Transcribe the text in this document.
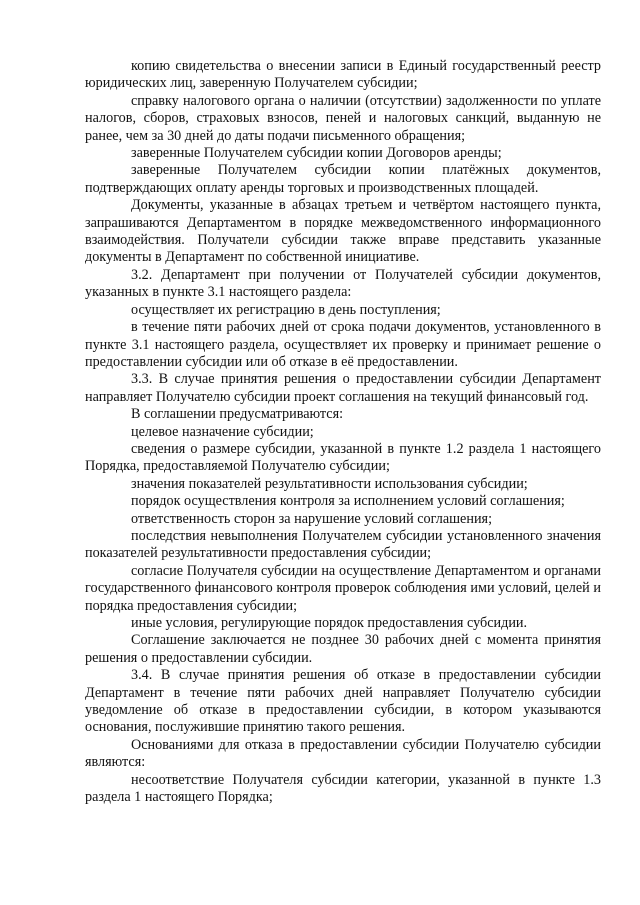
копию свидетельства о внесении записи в Единый государственный реестр юридических лиц, заверенную Получателем субсидии;

справку налогового органа о наличии (отсутствии) задолженности по уплате налогов, сборов, страховых взносов, пеней и налоговых санкций, выданную не ранее, чем за 30 дней до даты подачи письменного обращения;

заверенные Получателем субсидии копии Договоров аренды;

заверенные Получателем субсидии копии платёжных документов, подтверждающих оплату аренды торговых и производственных площадей.

Документы, указанные в абзацах третьем и четвёртом настоящего пункта, запрашиваются Департаментом в порядке межведомственного информационного взаимодействия. Получатели субсидии также вправе представить указанные документы в Департамент по собственной инициативе.

3.2. Департамент при получении от Получателей субсидии документов, указанных в пункте 3.1 настоящего раздела:

осуществляет их регистрацию в день поступления;

в течение пяти рабочих дней от срока подачи документов, установленного в пункте 3.1 настоящего раздела, осуществляет их проверку и принимает решение о предоставлении субсидии или об отказе в её предоставлении.

3.3. В случае принятия решения о предоставлении субсидии Департамент направляет Получателю субсидии проект соглашения на текущий финансовый год.

В соглашении предусматриваются:

целевое назначение субсидии;

сведения о размере субсидии, указанной в пункте 1.2 раздела 1 настоящего Порядка, предоставляемой Получателю субсидии;

значения показателей результативности использования субсидии;

порядок осуществления контроля за исполнением условий соглашения;

ответственность сторон за нарушение условий соглашения;

последствия невыполнения Получателем субсидии установленного значения показателей результативности предоставления субсидии;

согласие Получателя субсидии на осуществление Департаментом и органами государственного финансового контроля проверок соблюдения ими условий, целей и порядка предоставления субсидии;

иные условия, регулирующие порядок предоставления субсидии.

Соглашение заключается не позднее 30 рабочих дней с момента принятия решения о предоставлении субсидии.

3.4. В случае принятия решения об отказе в предоставлении субсидии Департамент в течение пяти рабочих дней направляет Получателю субсидии уведомление об отказе в предоставлении субсидии, в котором указываются основания, послужившие принятию такого решения.

Основаниями для отказа в предоставлении субсидии Получателю субсидии являются:

несоответствие Получателя субсидии категории, указанной в пункте 1.3 раздела 1 настоящего Порядка;
